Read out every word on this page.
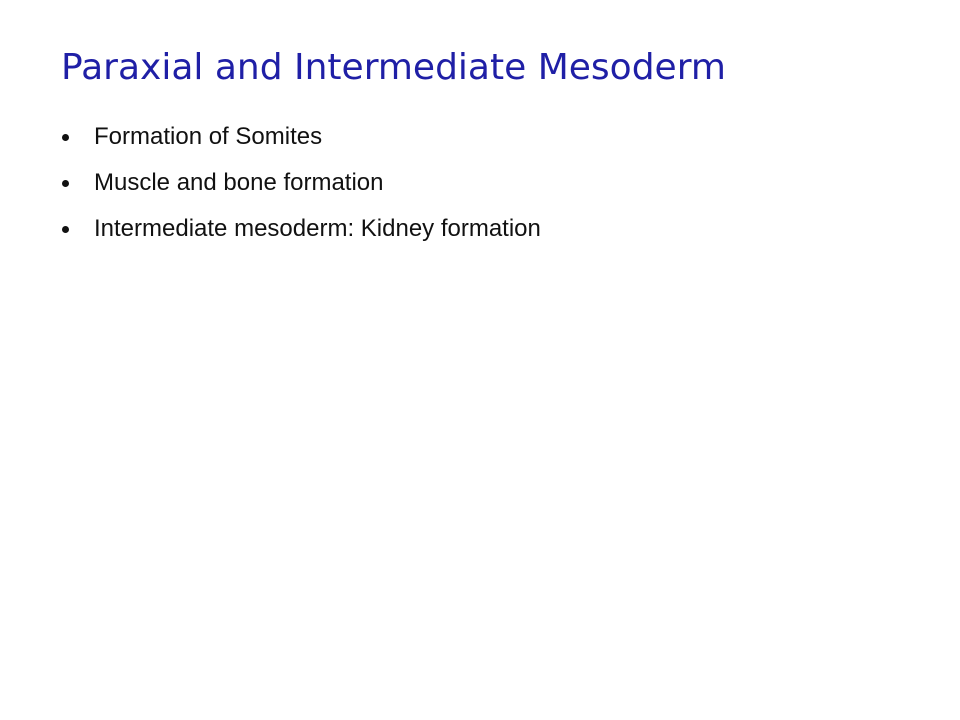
Paraxial and Intermediate Mesoderm
Formation of Somites
Muscle and bone formation
Intermediate mesoderm: Kidney formation
